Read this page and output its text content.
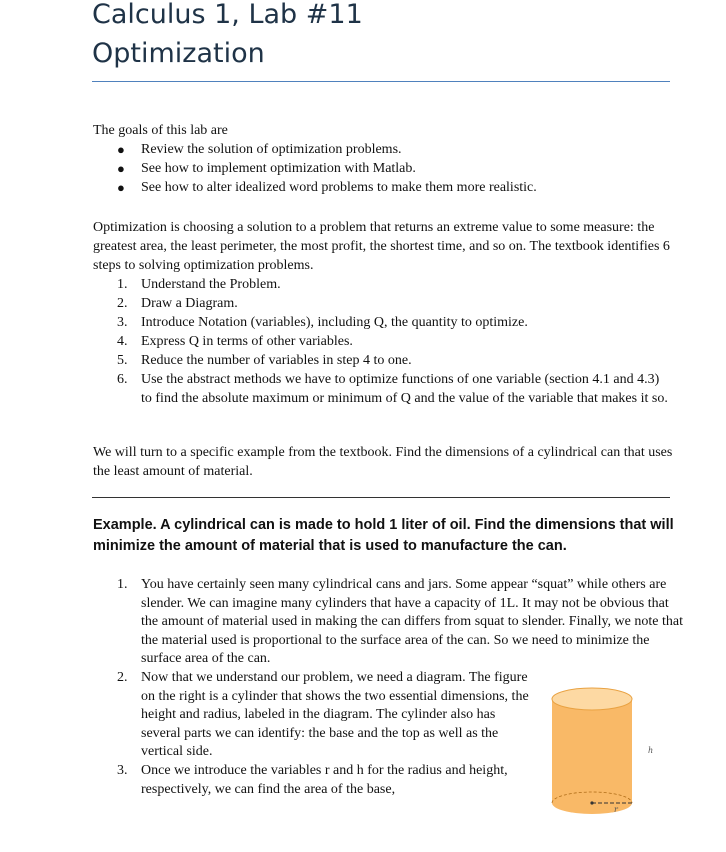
Calculus 1, Lab #11
Optimization

The goals of this lab are

● Review the solution of optimization problems.
● See how to implement optimization with Matlab.
● See how to alter idealized word problems to make them more realistic.

Optimization is choosing a solution to a problem that returns an extreme value to some measure: the greatest area, the least perimeter, the most profit, the shortest time, and so on. The textbook identifies 6 steps to solving optimization problems.

1. Understand the Problem.
2. Draw a Diagram.
3. Introduce Notation (variables), including Q, the quantity to optimize.
4. Express Q in terms of other variables.
5. Reduce the number of variables in step 4 to one.
6. Use the abstract methods we have to optimize functions of one variable (section 4.1 and 4.3) to find the absolute maximum or minimum of Q and the value of the variable that makes it so.

We will turn to a specific example from the textbook. Find the dimensions of a cylindrical can that uses the least amount of material.

Example. A cylindrical can is made to hold 1 liter of oil. Find the dimensions that will minimize the amount of material that is used to manufacture the can.
1. You have certainly seen many cylindrical cans and jars. Some appear “squat” while others are slender. We can imagine many cylinders that have a capacity of 1L. It may not be obvious that the amount of material used in making the can differs from squat to slender. Finally, we note that the material used is proportional to the surface area of the can. So we need to minimize the surface area of the can.
2. Now that we understand our problem, we need a diagram. The figure on the right is a cylinder that shows the two essential dimensions, the height and radius, labeled in the diagram. The cylinder also has several parts we can identify: the base and the top as well as the vertical side.
3. Once we introduce the variables r and h for the radius and height, respectively, we can find the area of the base,
h
r
